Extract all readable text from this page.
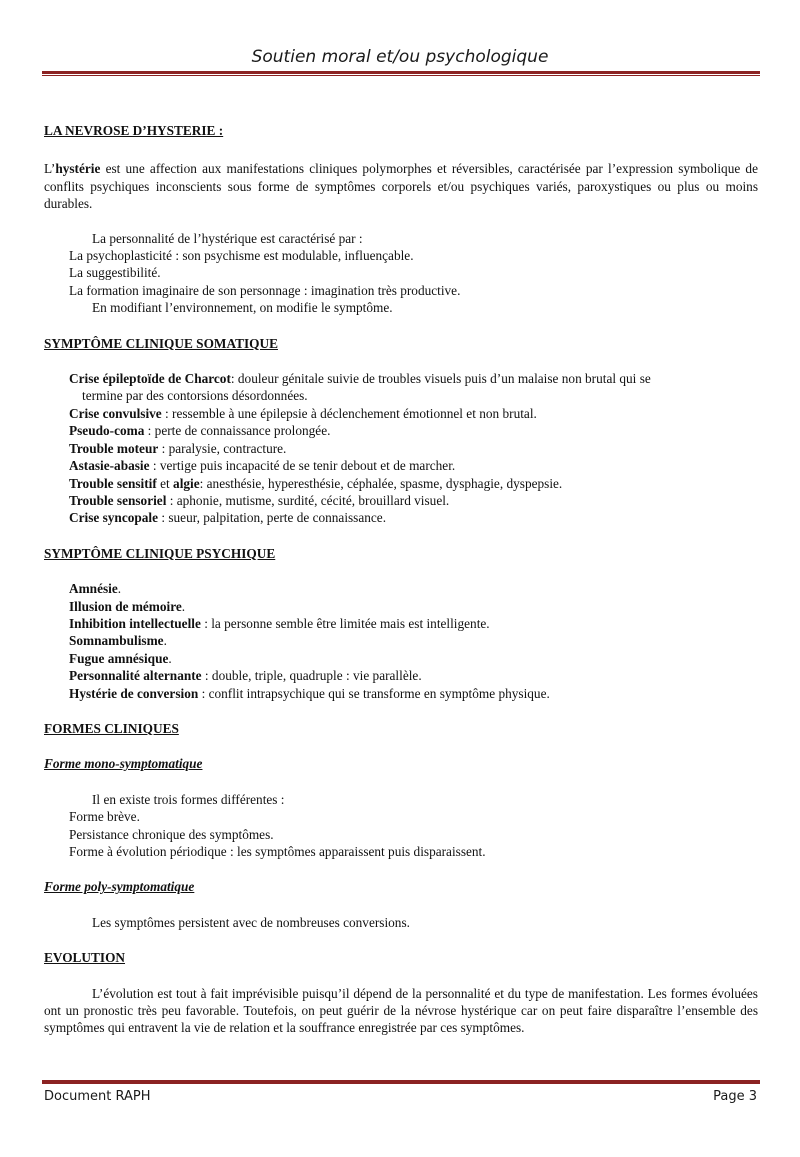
Soutien moral et/ou psychologique

LA NEVROSE D’HYSTERIE :

L’hystérie est une affection aux manifestations cliniques polymorphes et réversibles, caractérisée par l’expression symbolique de conflits psychiques inconscients sous forme de symptômes corporels et/ou psychiques variés, paroxystiques ou plus ou moins durables.

La personnalité de l’hystérique est caractérisé par :

La psychoplasticité : son psychisme est modulable, influençable.

La suggestibilité.

La formation imaginaire de son personnage : imagination très productive.

En modifiant l’environnement, on modifie le symptôme.

SYMPTÔME CLINIQUE SOMATIQUE

Crise épileptoïde de Charcot: douleur génitale suivie de troubles visuels puis d’un malaise non brutal qui se
termine par des contorsions désordonnées.

Crise convulsive : ressemble à une épilepsie à déclenchement émotionnel et non brutal.

Pseudo-coma : perte de connaissance prolongée.

Trouble moteur : paralysie, contracture.

Astasie-abasie : vertige puis incapacité de se tenir debout et de marcher.

Trouble sensitif et algie: anesthésie, hyperesthésie, céphalée, spasme, dysphagie, dyspepsie.

Trouble sensoriel : aphonie, mutisme, surdité, cécité, brouillard visuel.

Crise syncopale : sueur, palpitation, perte de connaissance.

SYMPTÔME CLINIQUE PSYCHIQUE

Amnésie.

Illusion de mémoire.

Inhibition intellectuelle : la personne semble être limitée mais est intelligente.

Somnambulisme.

Fugue amnésique.

Personnalité alternante : double, triple, quadruple : vie parallèle.

Hystérie de conversion : conflit intrapsychique qui se transforme en symptôme physique.

FORMES CLINIQUES

Forme mono-symptomatique

Il en existe trois formes différentes :

Forme brève.

Persistance chronique des symptômes.

Forme à évolution périodique : les symptômes apparaissent puis disparaissent.

Forme poly-symptomatique

Les symptômes persistent avec de nombreuses conversions.

EVOLUTION

L’évolution est tout à fait imprévisible puisqu’il dépend de la personnalité et du type de manifestation. Les formes évoluées ont un pronostic très peu favorable. Toutefois, on peut guérir de la névrose hystérique car on peut faire disparaître l’ensemble des symptômes qui entravent la vie de relation et la souffrance enregistrée par ces symptômes.

Document RAPH	Page 3
